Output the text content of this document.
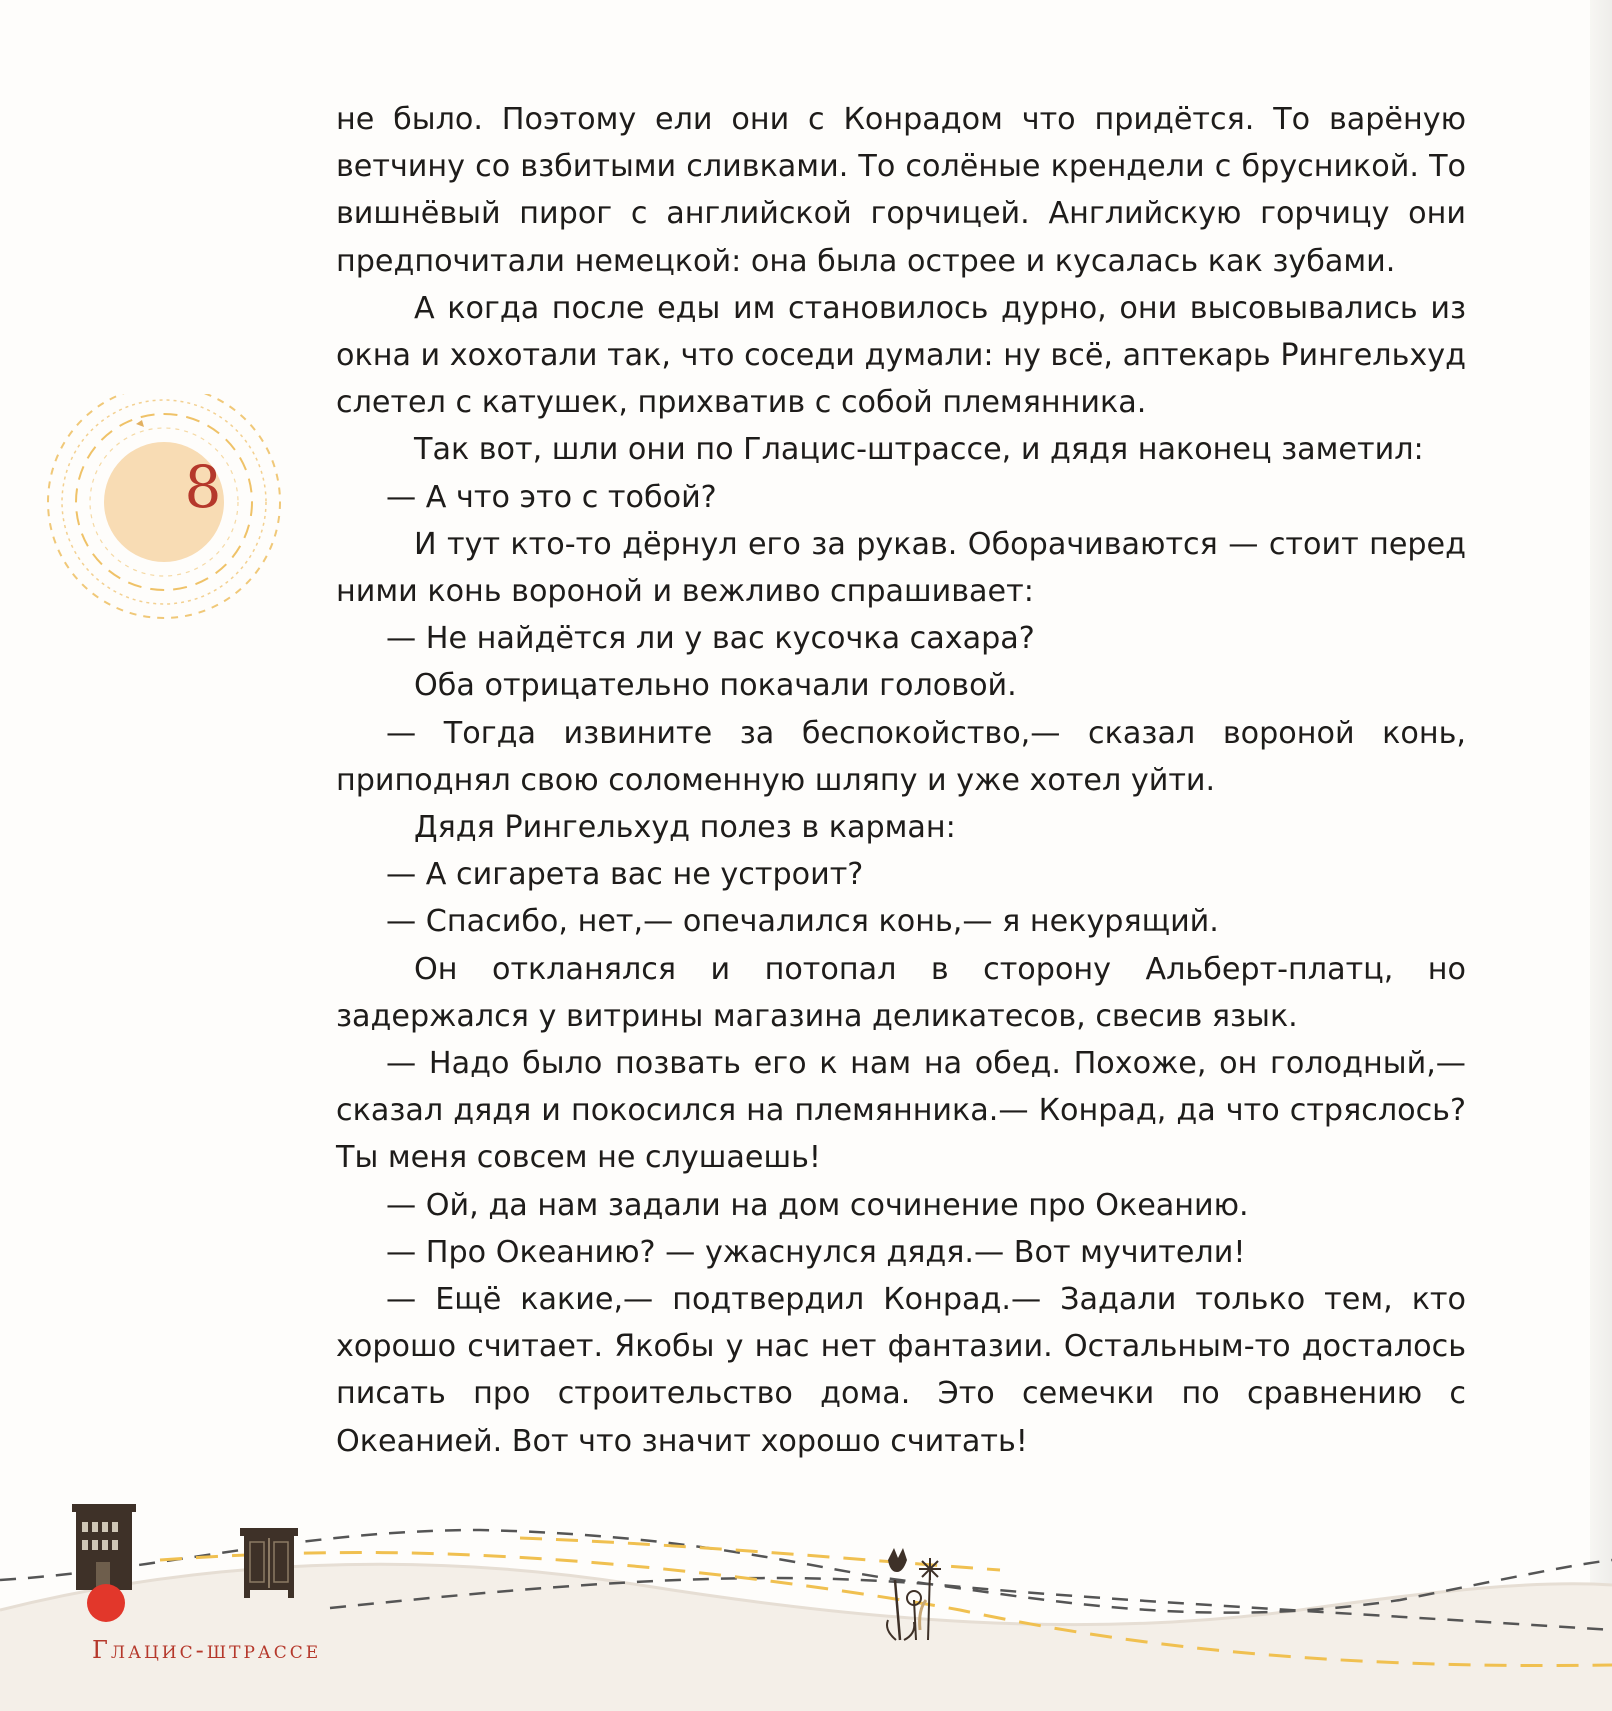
8

не было. Поэтому ели они с Конрадом что придётся. То варёную ветчину со взбитыми сливками. То солёные крендели с брусникой. То вишнёвый пирог с английской горчицей. Английскую горчицу они предпочитали немецкой: она была острее и кусалась как зубами.

А когда после еды им становилось дурно, они высовывались из окна и хохотали так, что соседи думали: ну всё, аптекарь Рингельхуд слетел с катушек, прихватив с собой племянника.

Так вот, шли они по Глацис-штрассе, и дядя наконец заметил:

— А что это с тобой?

И тут кто-то дёрнул его за рукав. Оборачиваются — стоит перед ними конь вороной и вежливо спрашивает:

— Не найдётся ли у вас кусочка сахара?

Оба отрицательно покачали головой.

— Тогда извините за беспокойство,— сказал вороной конь, приподнял свою соломенную шляпу и уже хотел уйти.

Дядя Рингельхуд полез в карман:

— А сигарета вас не устроит?

— Спасибо, нет,— опечалился конь,— я некурящий.

Он откланялся и потопал в сторону Альберт-платц, но задержался у витрины магазина деликатесов, свесив язык.

— Надо было позвать его к нам на обед. Похоже, он голодный,— сказал дядя и покосился на племянника.— Конрад, да что стряслось? Ты меня совсем не слушаешь!

— Ой, да нам задали на дом сочинение про Океанию.

— Про Океанию? — ужаснулся дядя.— Вот мучители!

— Ещё какие,— подтвердил Конрад.— Задали только тем, кто хорошо считает. Якобы у нас нет фантазии. Остальным-то досталось писать про строительство дома. Это семечки по сравнению с Океанией. Вот что значит хорошо считать!

Глацис-штрассе
